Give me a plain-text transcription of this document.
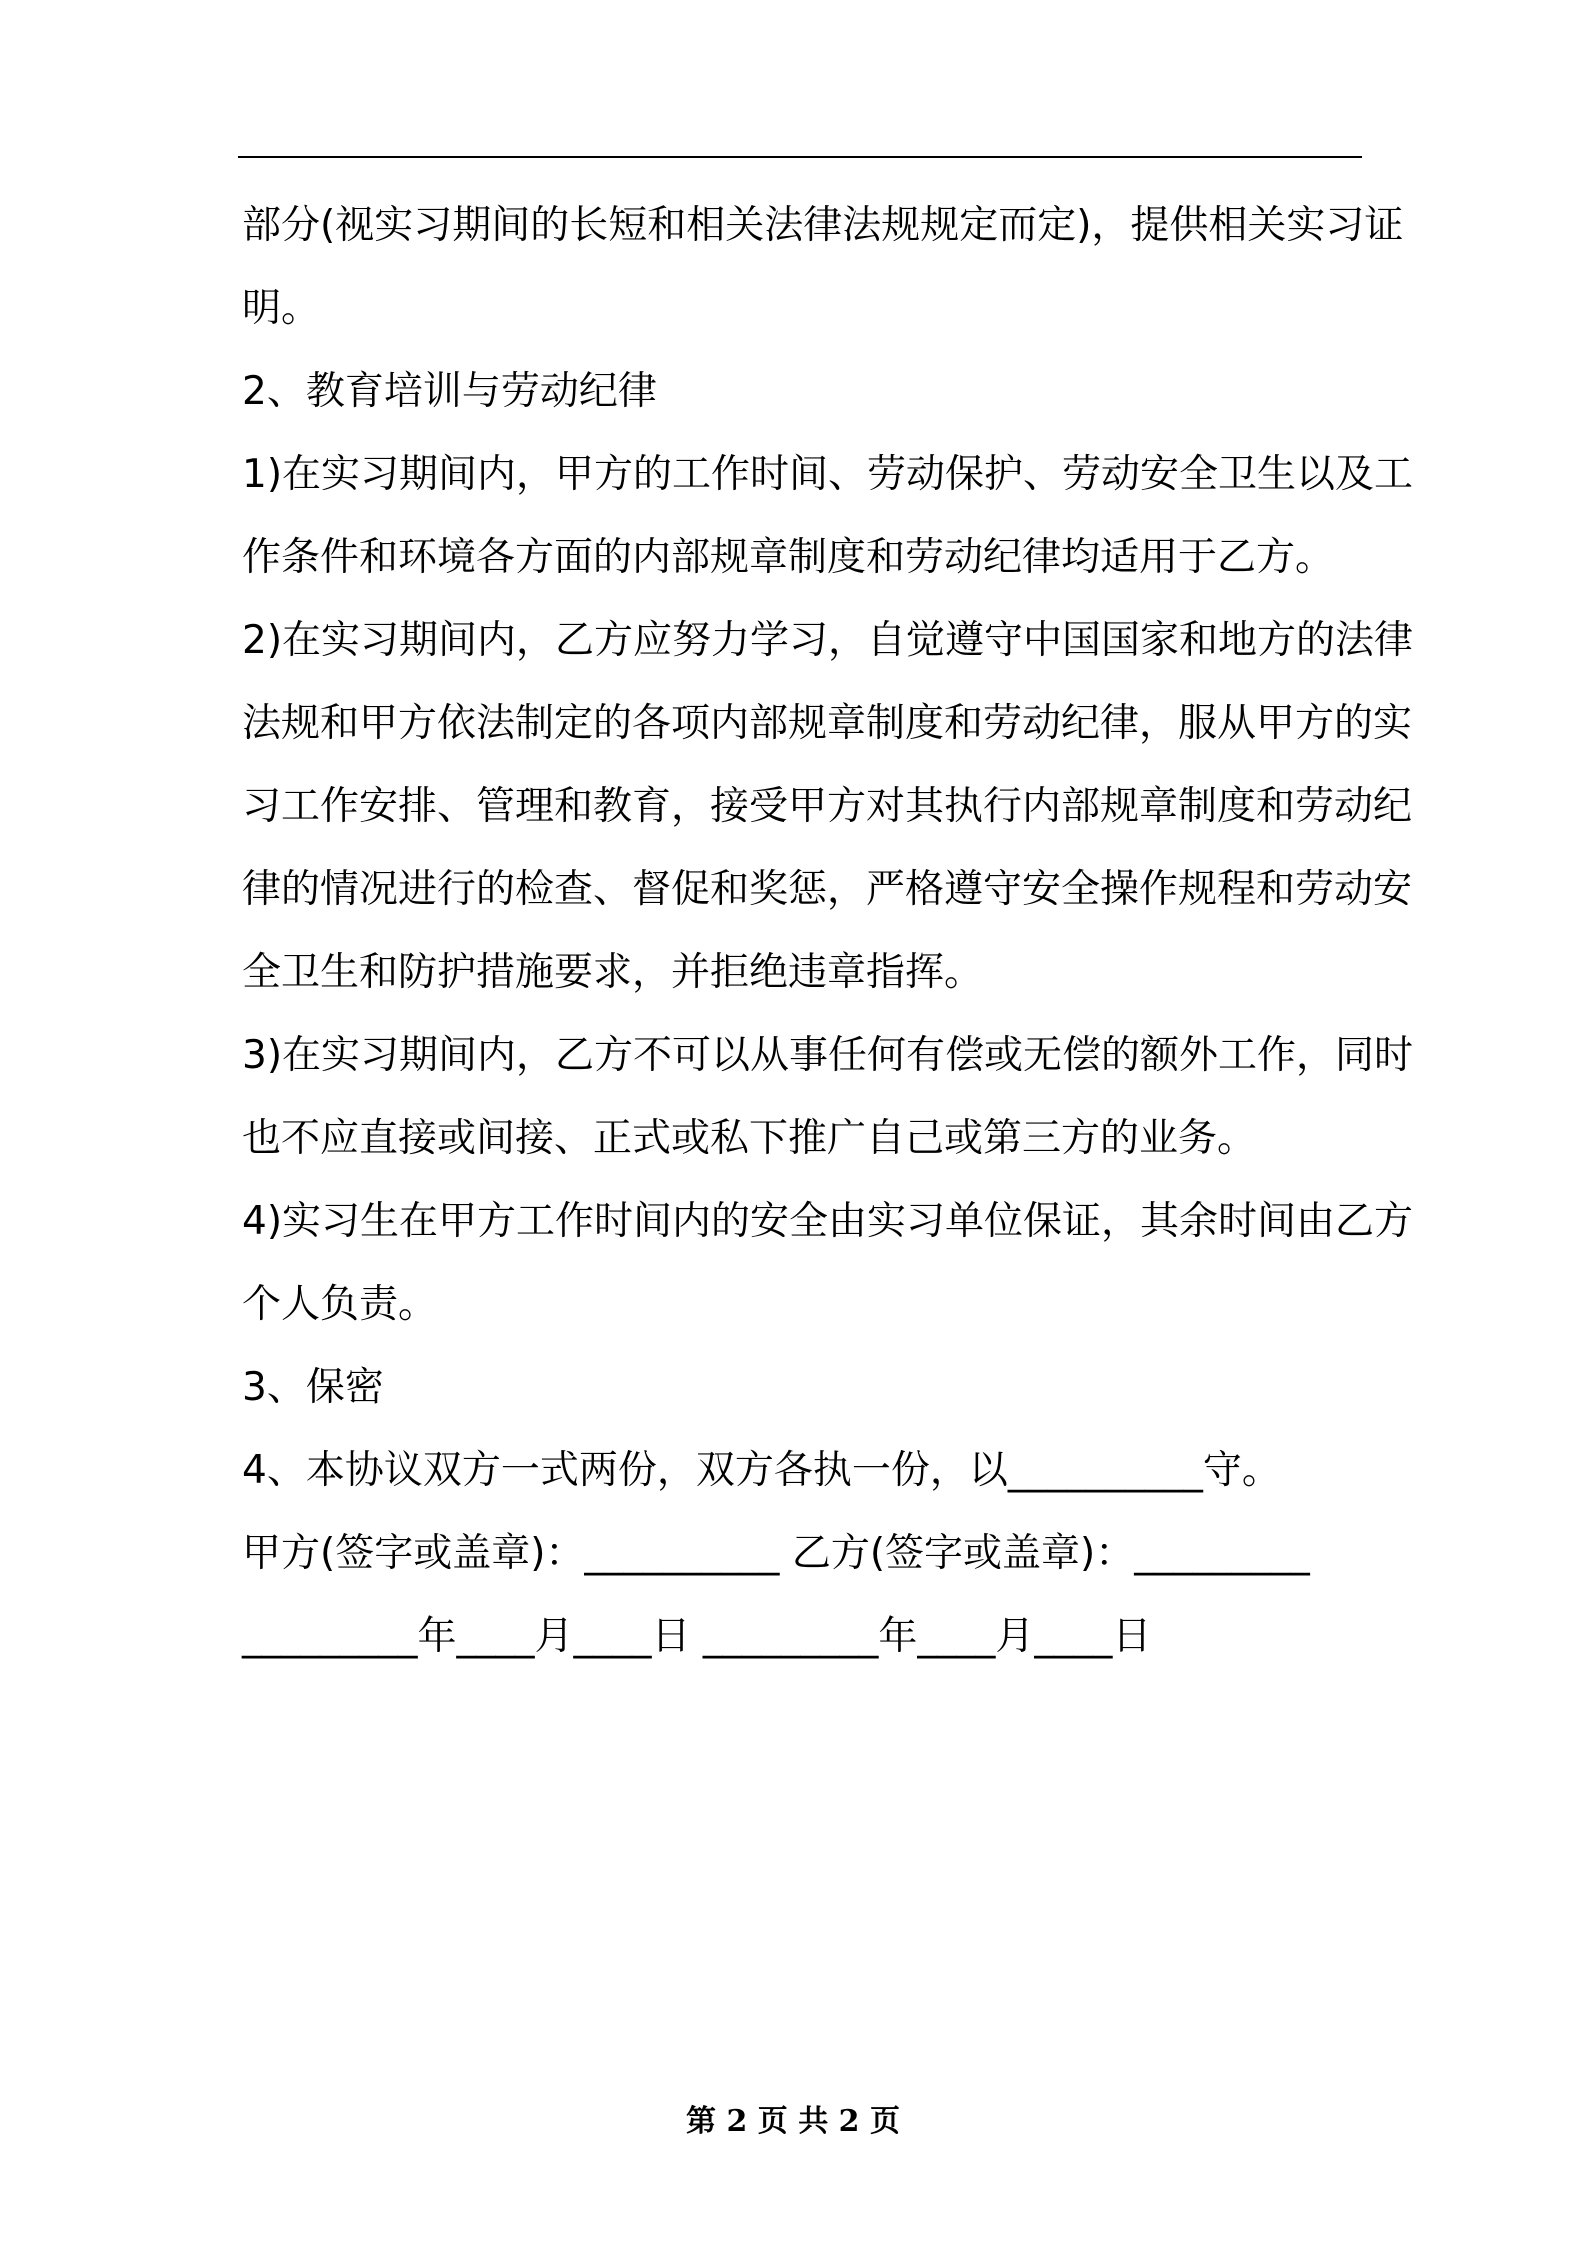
部分(视实习期间的长短和相关法律法规规定而定)，提供相关实习证
明。
2、教育培训与劳动纪律
1)在实习期间内，甲方的工作时间、劳动保护、劳动安全卫生以及工
作条件和环境各方面的内部规章制度和劳动纪律均适用于乙方。
2)在实习期间内，乙方应努力学习，自觉遵守中国国家和地方的法律
法规和甲方依法制定的各项内部规章制度和劳动纪律，服从甲方的实
习工作安排、管理和教育，接受甲方对其执行内部规章制度和劳动纪
律的情况进行的检查、督促和奖惩，严格遵守安全操作规程和劳动安
全卫生和防护措施要求，并拒绝违章指挥。
3)在实习期间内，乙方不可以从事任何有偿或无偿的额外工作，同时
也不应直接或间接、正式或私下推广自己或第三方的业务。
4)实习生在甲方工作时间内的安全由实习单位保证，其余时间由乙方
个人负责。
3、保密
4、本协议双方一式两份，双方各执一份，以__________守。
甲方(签字或盖章)：__________ 乙方(签字或盖章)：_________
_________年____月____日 _________年____月____日
第 2 页 共 2 页
